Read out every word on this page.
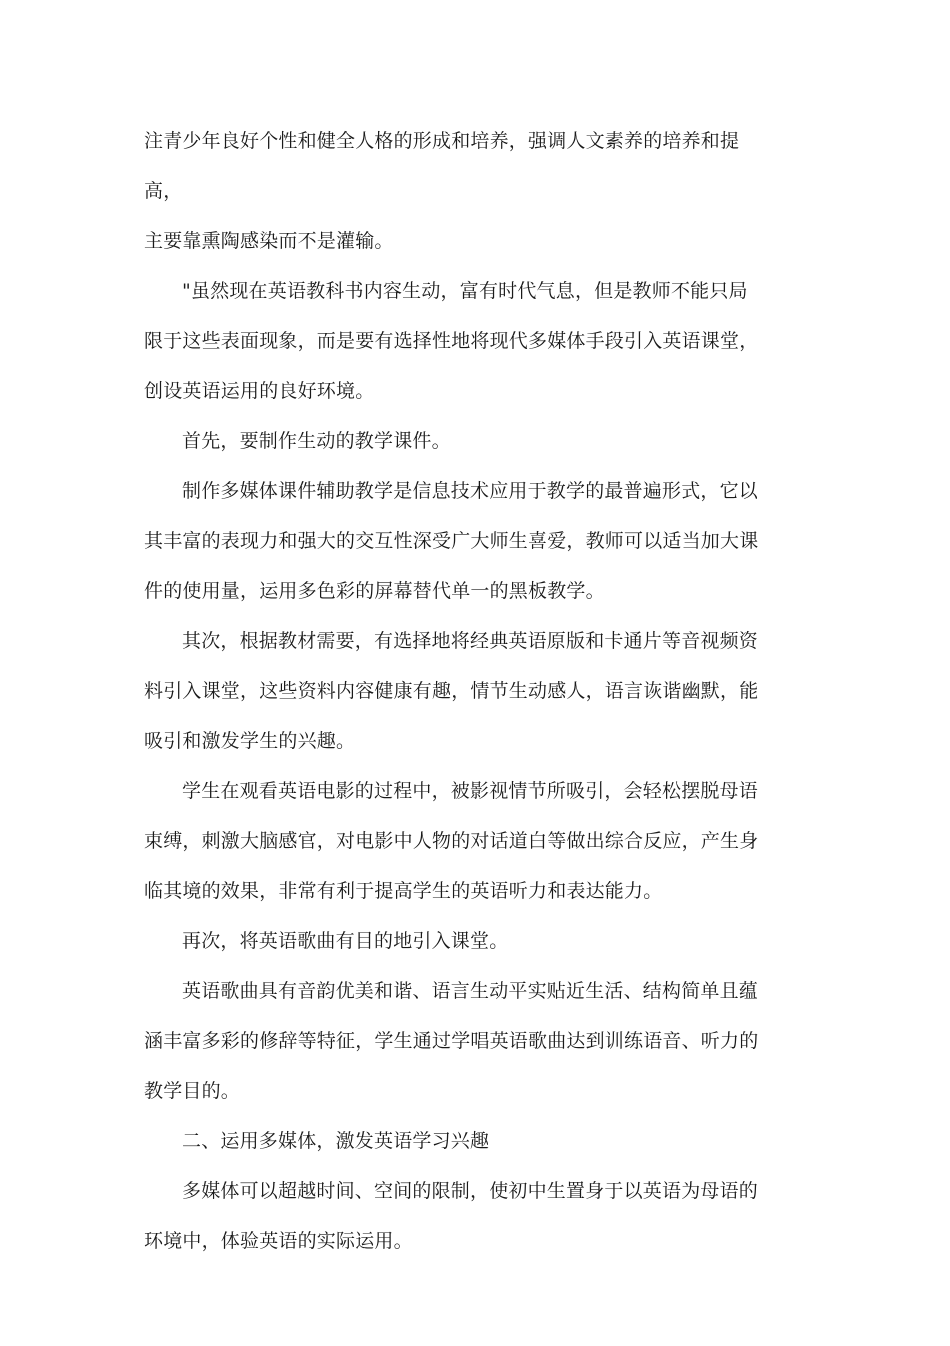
注青少年良好个性和健全人格的形成和培养，强调人文素养的培养和提高，
主要靠熏陶感染而不是灌输。

"虽然现在英语教科书内容生动，富有时代气息，但是教师不能只局
限于这些表面现象，而是要有选择性地将现代多媒体手段引入英语课堂，
创设英语运用的良好环境。

首先，要制作生动的教学课件。

制作多媒体课件辅助教学是信息技术应用于教学的最普遍形式，它以
其丰富的表现力和强大的交互性深受广大师生喜爱，教师可以适当加大课
件的使用量，运用多色彩的屏幕替代单一的黑板教学。

其次，根据教材需要，有选择地将经典英语原版和卡通片等音视频资
料引入课堂，这些资料内容健康有趣，情节生动感人，语言诙谐幽默，能
吸引和激发学生的兴趣。

学生在观看英语电影的过程中，被影视情节所吸引，会轻松摆脱母语
束缚，刺激大脑感官，对电影中人物的对话道白等做出综合反应，产生身
临其境的效果，非常有利于提高学生的英语听力和表达能力。

再次，将英语歌曲有目的地引入课堂。

英语歌曲具有音韵优美和谐、语言生动平实贴近生活、结构简单且蕴
涵丰富多彩的修辞等特征，学生通过学唱英语歌曲达到训练语音、听力的
教学目的。

二、运用多媒体，激发英语学习兴趣

多媒体可以超越时间、空间的限制，使初中生置身于以英语为母语的
环境中，体验英语的实际运用。
